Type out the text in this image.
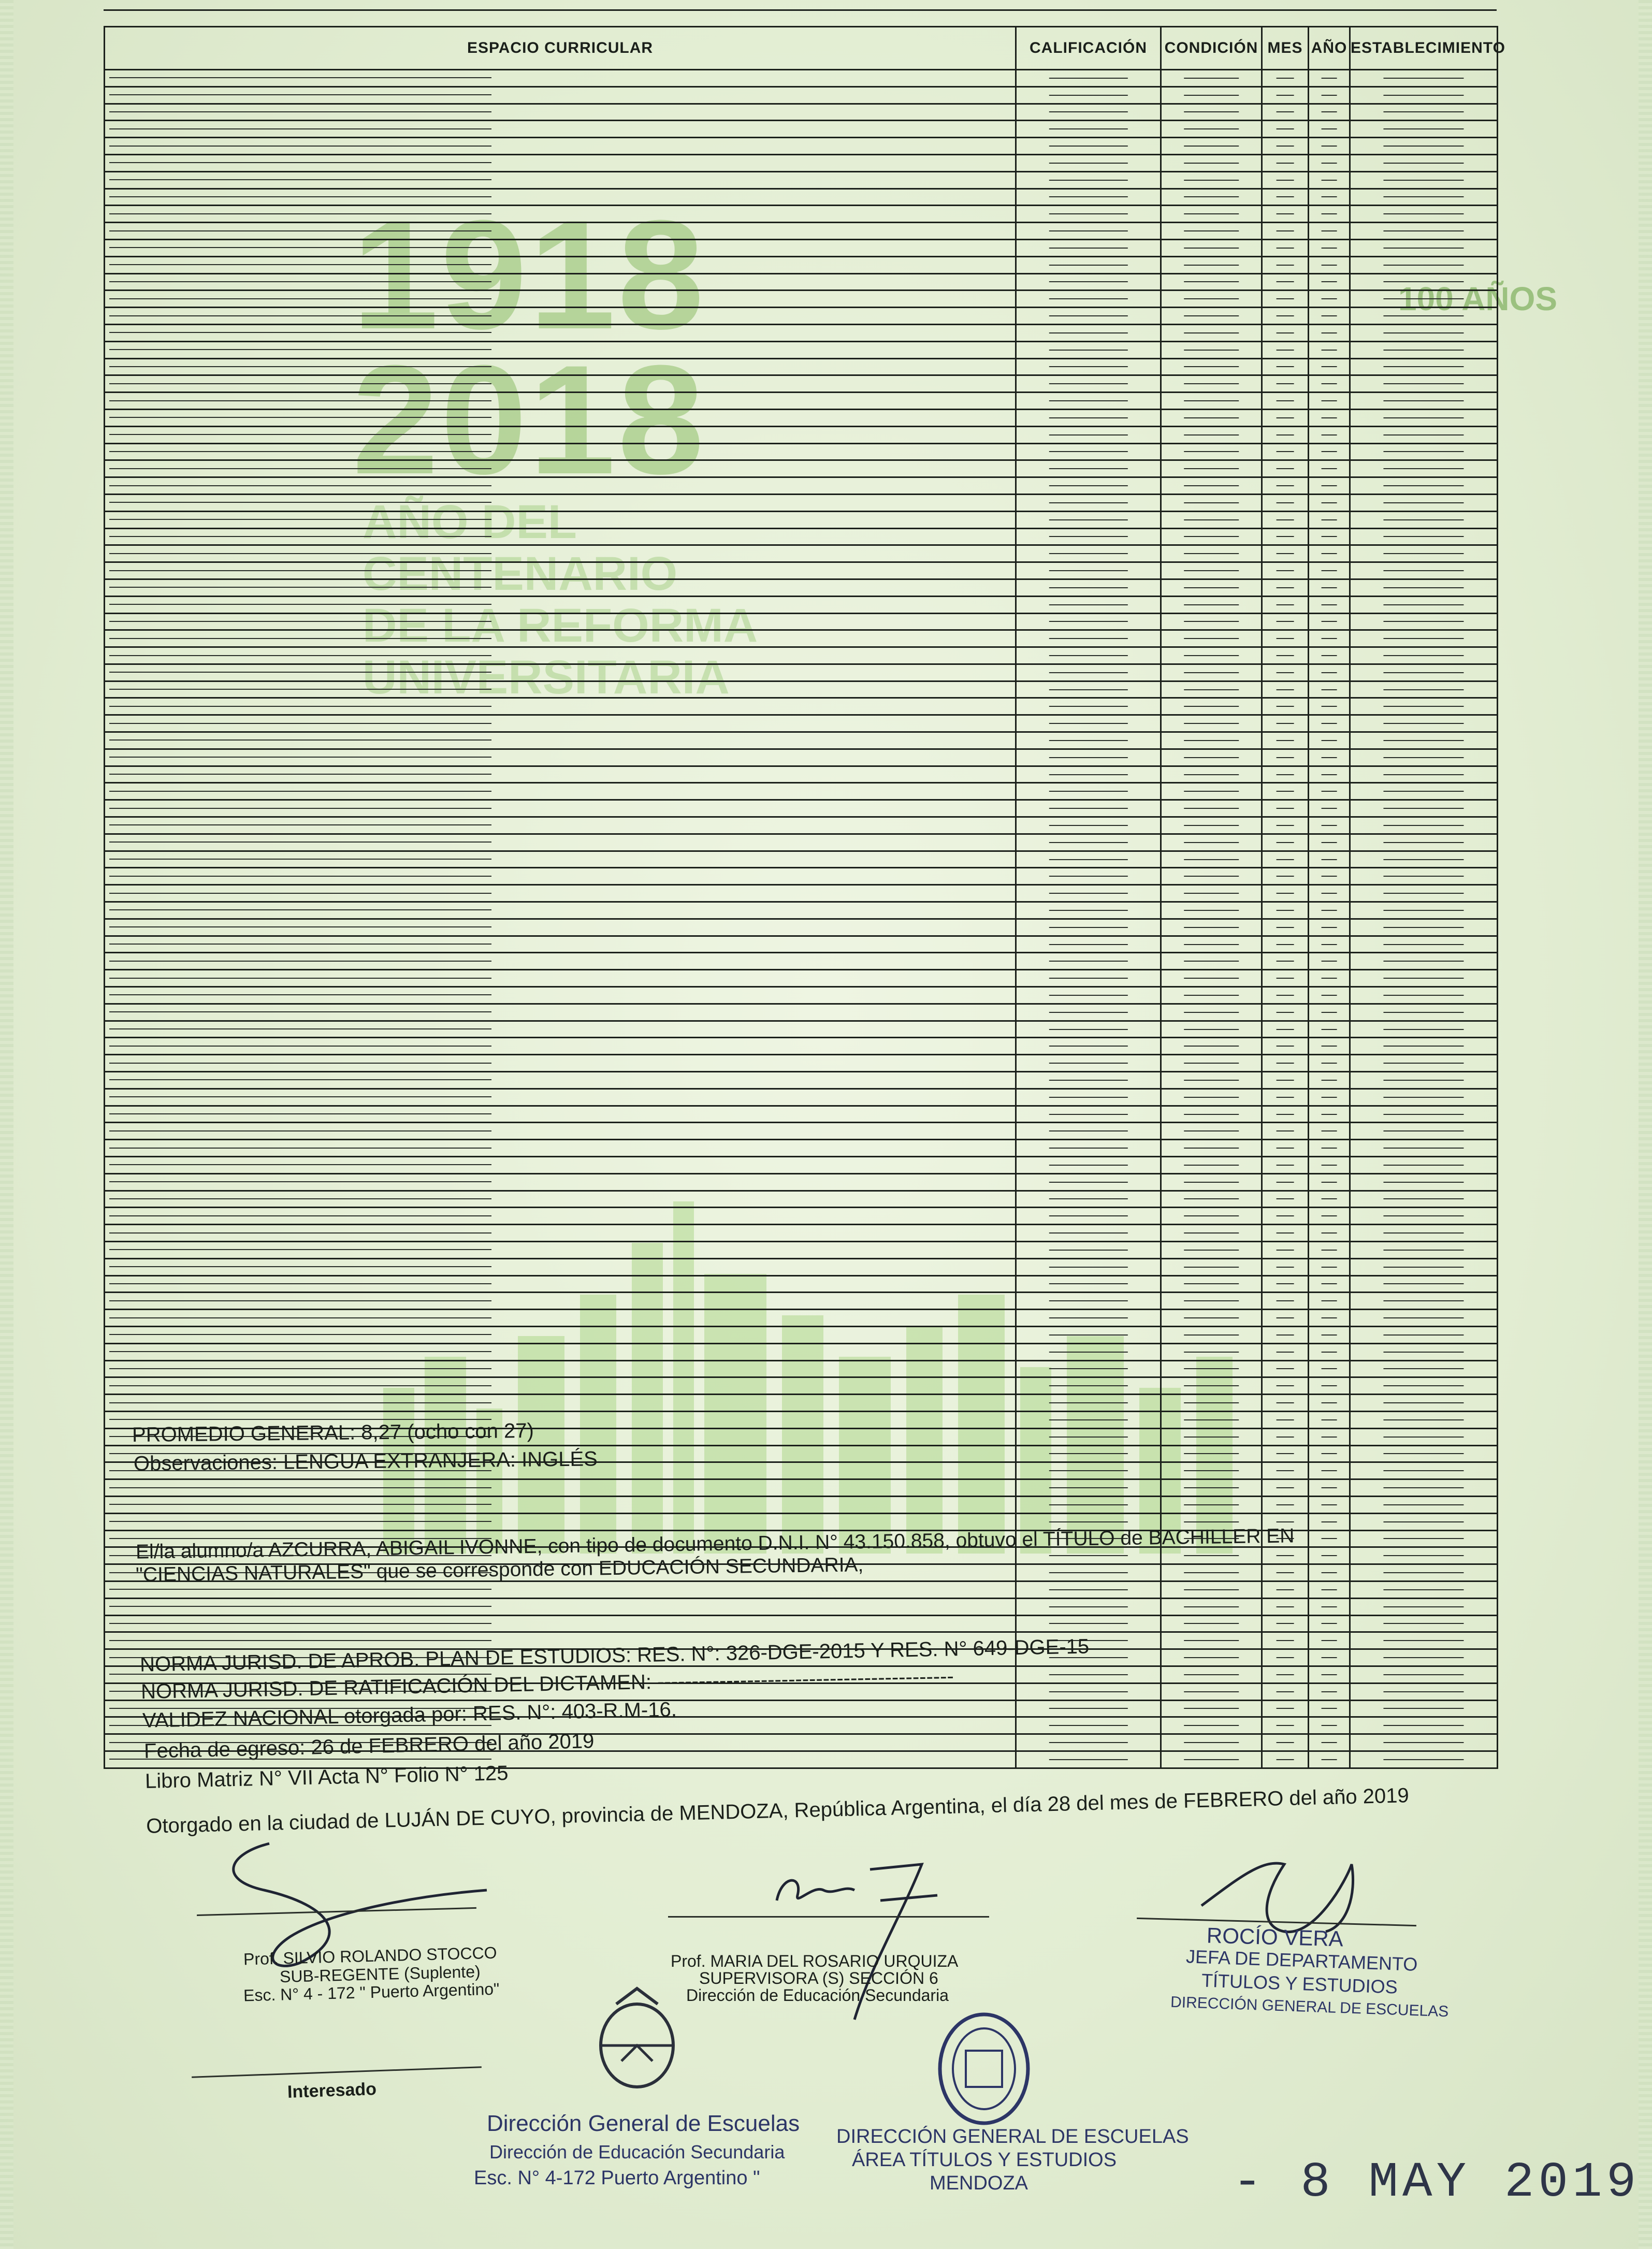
1918
2018
AÑO DEL
CENTENARIO
DE LA REFORMA
UNIVERSITARIA
100 AÑOS
ESPACIO CURRICULAR	CALIFICACIÓN	CONDICIÓN	MES	AÑO	ESTABLECIMIENTO

PROMEDIO GENERAL: 8,27 (ocho con 27)
Observaciones: LENGUA EXTRANJERA: INGLÉS
El/la alumno/a AZCURRA, ABIGAIL IVONNE, con tipo de documento D.N.I. N° 43.150.858, obtuvo el TÍTULO de BACHILLER EN
"CIENCIAS NATURALES" que se corresponde con EDUCACIÓN SECUNDARIA,
NORMA JURISD. DE APROB. PLAN DE ESTUDIOS: RES. N°: 326-DGE-2015 Y RES. N° 649-DGE-15
NORMA JURISD. DE RATIFICACIÓN DEL DICTAMEN: -------------------------------------------
VALIDEZ NACIONAL otorgada por: RES. N°: 403-R.M-16.
Fecha de egreso: 26 de FEBRERO del año 2019
Libro Matriz N° VII Acta N° Folio N° 125
Otorgado en la ciudad de LUJÁN DE CUYO, provincia de MENDOZA, República Argentina, el día 28 del mes de FEBRERO del año 2019
Prof. SILVIO ROLANDO STOCCO
SUB-REGENTE (Suplente)
Esc. N° 4 - 172 " Puerto Argentino"
Prof. MARIA DEL ROSARIO URQUIZA
SUPERVISORA (S) SECCIÓN 6
Dirección de Educación Secundaria
ROCÍO VERA
JEFA DE DEPARTAMENTO
TÍTULOS Y ESTUDIOS
DIRECCIÓN GENERAL DE ESCUELAS
Interesado
Dirección General de Escuelas
Dirección de Educación Secundaria
Esc. N° 4-172 Puerto Argentino "
DIRECCIÓN GENERAL DE ESCUELAS
ÁREA TÍTULOS Y ESTUDIOS
MENDOZA	- 8 MAY 2019
